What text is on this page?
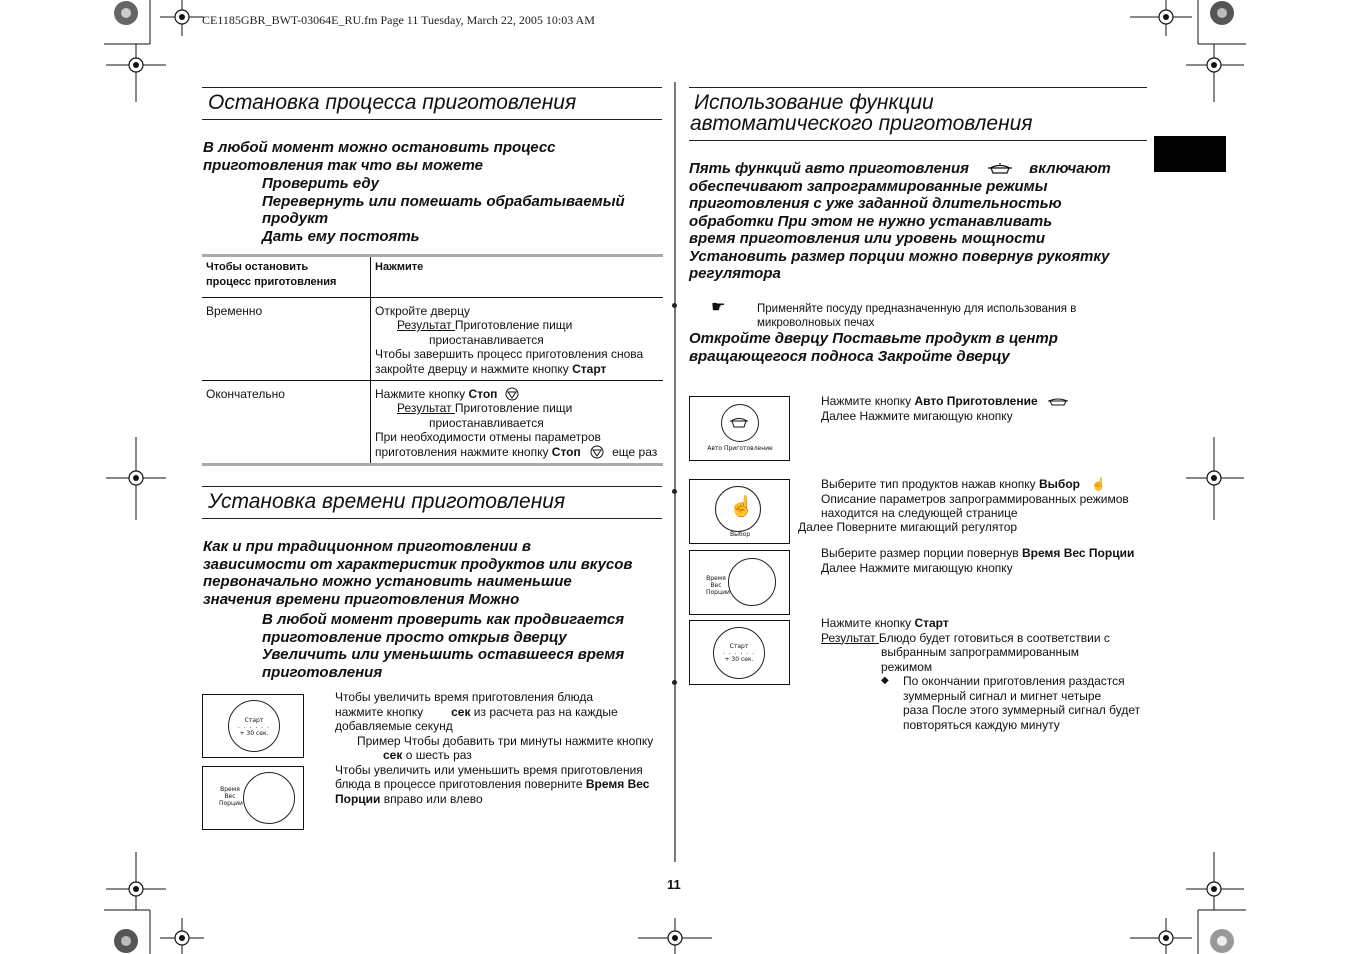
CE1185GBR_BWT-03064E_RU.fm Page 11 Tuesday, March 22, 2005 10:03 AM
Остановка процесса приготовления
В любой момент можно остановить процесс
приготовления так что вы можете
Проверить еду
Перевернуть или помешать обрабатываемый
продукт
Дать ему постоять
Чтобы остановить
процесс приготовления	Нажмите
Временно	Откройте дверцу
Результат Приготовление пищи
приостанавливается
Чтобы завершить процесс приготовления снова
закройте дверцу и нажмите кнопку Старт

Окончательно	Нажмите кнопку Стоп
Результат Приготовление пищи
приостанавливается
При необходимости отмены параметров
приготовления нажмите кнопку Стоп еще раз
Установка времени приготовления
Как и при традиционном приготовлении в
зависимости от характеристик продуктов или вкусов
первоначально можно установить наименьшие
значения времени приготовления Можно
В любой момент проверить как продвигается
приготовление просто открыв дверцу
Увеличить или уменьшить оставшееся время
приготовления
Старт
· · · · · ·
+ 30 сек.
Время
Вес
Порции
Чтобы увеличить время приготовления блюда
нажмите кнопку сек из расчета раз на каждые
добавляемые секунд
Пример Чтобы добавить три минуты нажмите кнопку
сек о шесть раз
Чтобы увеличить или уменьшить время приготовления
блюда в процессе приготовления поверните Время Вес
Порции вправо или влево
11
Использование функции
автоматического приготовления
Пять функций авто приготовления	включают
обеспечивают запрограммированные режимы
приготовления с уже заданной длительностью
обработки При этом не нужно устанавливать
время приготовления или уровень мощности
Установить размер порции можно повернув рукоятку
регулятора
☛	Применяйте посуду предназначенную для использования в
микроволновых печах
Откройте дверцу Поставьте продукт в центр
вращающегося подноса Закройте дверцу
Авто Приготовление
Нажмите кнопку Авто Приготовление
Далее Нажмите мигающую кнопку
☝
Выбор
Выберите тип продуктов нажав кнопку Выбор ☝
Описание параметров запрограммированных режимов
находится на следующей странице
Далее Поверните мигающий регулятор
Время
Вес
Порции
Выберите размер порции повернув Время Вес Порции
Далее Нажмите мигающую кнопку
Старт
· · · · · ·
+ 30 сек.
Нажмите кнопку Старт
Результат Блюдо будет готовиться в соответствии с
выбранным запрограммированным
режимом
◆	По окончании приготовления раздастся
зуммерный сигнал и мигнет четыре
раза После этого зуммерный сигнал будет
повторяться каждую минуту
